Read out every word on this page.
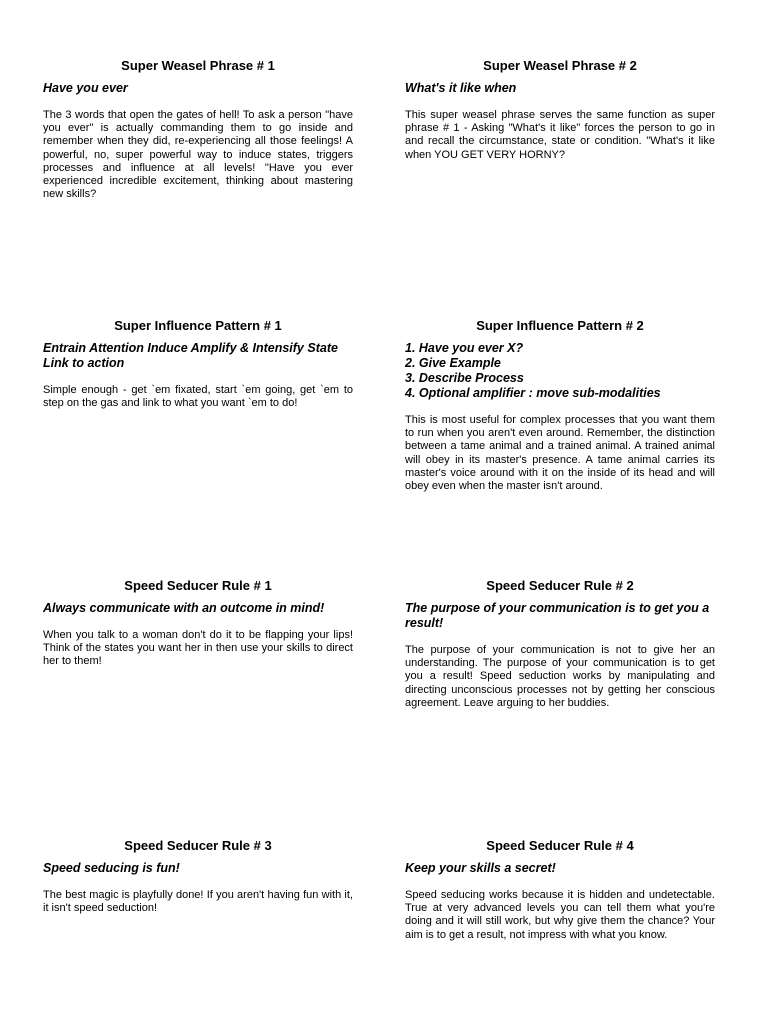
Super Weasel Phrase # 1

Have you ever

The 3 words that open the gates of hell! To ask a person "have you ever" is actually commanding them to go inside and remember when they did, re-experiencing all those feelings! A powerful, no, super powerful way to induce states, triggers processes and influence at all levels! "Have you ever experienced incredible excitement, thinking about mastering new skills?

Super Weasel Phrase # 2

What's it like when

This super weasel phrase serves the same function as super phrase # 1 - Asking "What's it like" forces the person to go in and recall the circumstance, state or condition. "What's it like when YOU GET VERY HORNY?

Super Influence Pattern # 1

Entrain Attention Induce Amplify & Intensify State Link to action

Simple enough - get `em fixated, start `em going, get `em to step on the gas and link to what you want `em to do!

Super Influence Pattern # 2

1. Have you ever X?
2. Give Example
3. Describe Process
4. Optional amplifier : move sub-modalities

This is most useful for complex processes that you want them to run when you aren't even around. Remember, the distinction between a tame animal and a trained animal. A trained animal will obey in its master's presence. A tame animal carries its master's voice around with it on the inside of its head and will obey even when the master isn't around.

Speed Seducer Rule # 1

Always communicate with an outcome in mind!

When you talk to a woman don't do it to be flapping your lips! Think of the states you want her in then use your skills to direct her to them!

Speed Seducer Rule # 2

The purpose of your communication is to get you a result!

The purpose of your communication is not to give her an understanding. The purpose of your communication is to get you a result! Speed seduction works by manipulating and directing unconscious processes not by getting her conscious agreement. Leave arguing to her buddies.

Speed Seducer Rule # 3

Speed seducing is fun!

The best magic is playfully done! If you aren't having fun with it, it isn't speed seduction!

Speed Seducer Rule # 4

Keep your skills a secret!

Speed seducing works because it is hidden and undetectable. True at very advanced levels you can tell them what you're doing and it will still work, but why give them the chance? Your aim is to get a result, not impress with what you know.
